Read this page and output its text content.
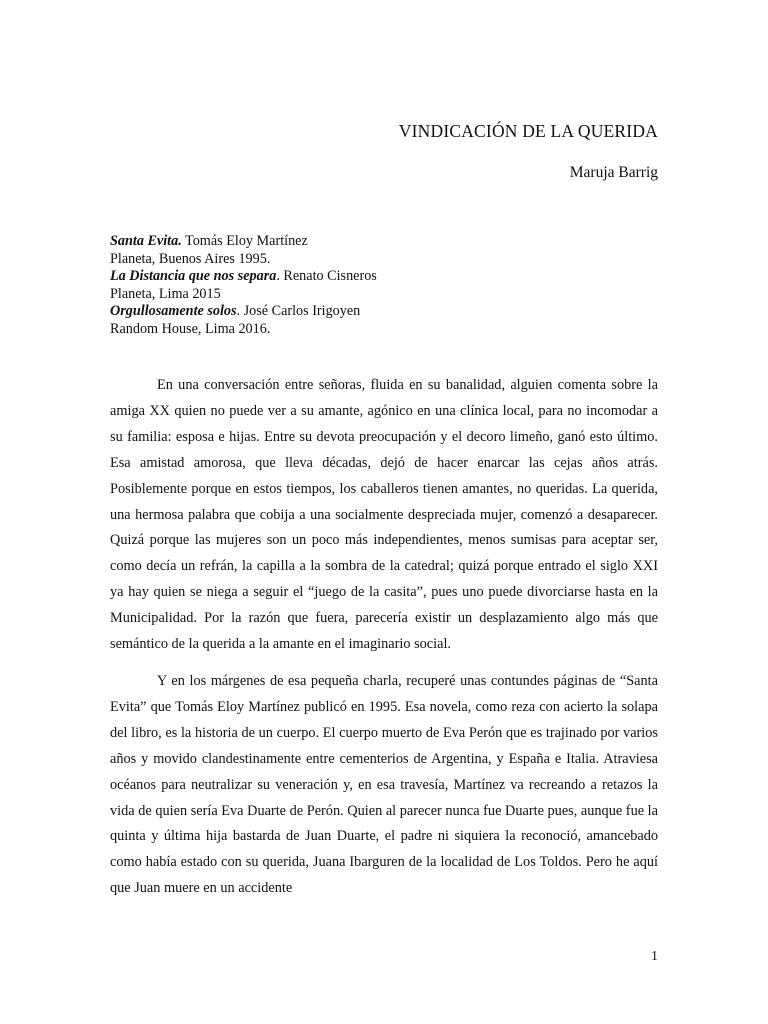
VINDICACIÓN DE LA QUERIDA
Maruja Barrig
Santa Evita. Tomás Eloy Martínez
Planeta, Buenos Aires 1995.
La Distancia que nos separa. Renato Cisneros
Planeta, Lima 2015
Orgullosamente solos. José Carlos Irigoyen
Random House, Lima 2016.

En una conversación entre señoras, fluida en su banalidad, alguien comenta sobre la amiga XX quien no puede ver a su amante, agónico en una clínica local, para no incomodar a su familia: esposa e hijas. Entre su devota preocupación y el decoro limeño, ganó esto último. Esa amistad amorosa, que lleva décadas, dejó de hacer enarcar las cejas años atrás. Posiblemente porque en estos tiempos, los caballeros tienen amantes, no queridas. La querida, una hermosa palabra que cobija a una socialmente despreciada mujer, comenzó a desaparecer. Quizá porque las mujeres son un poco más independientes, menos sumisas para aceptar ser, como decía un refrán, la capilla a la sombra de la catedral; quizá porque entrado el siglo XXI ya hay quien se niega a seguir el “juego de la casita”, pues uno puede divorciarse hasta en la Municipalidad. Por la razón que fuera, parecería existir un desplazamiento algo más que semántico de la querida a la amante en el imaginario social.

Y en los márgenes de esa pequeña charla, recuperé unas contundes páginas de “Santa Evita” que Tomás Eloy Martínez publicó en 1995. Esa novela, como reza con acierto la solapa del libro, es la historia de un cuerpo. El cuerpo muerto de Eva Perón que es trajinado por varios años y movido clandestinamente entre cementerios de Argentina, y España e Italia. Atraviesa océanos para neutralizar su veneración y, en esa travesía, Martínez va recreando a retazos la vida de quien sería Eva Duarte de Perón. Quien al parecer nunca fue Duarte pues, aunque fue la quinta y última hija bastarda de Juan Duarte, el padre ni siquiera la reconoció, amancebado como había estado con su querida, Juana Ibarguren de la localidad de Los Toldos. Pero he aquí que Juan muere en un accidente

1
